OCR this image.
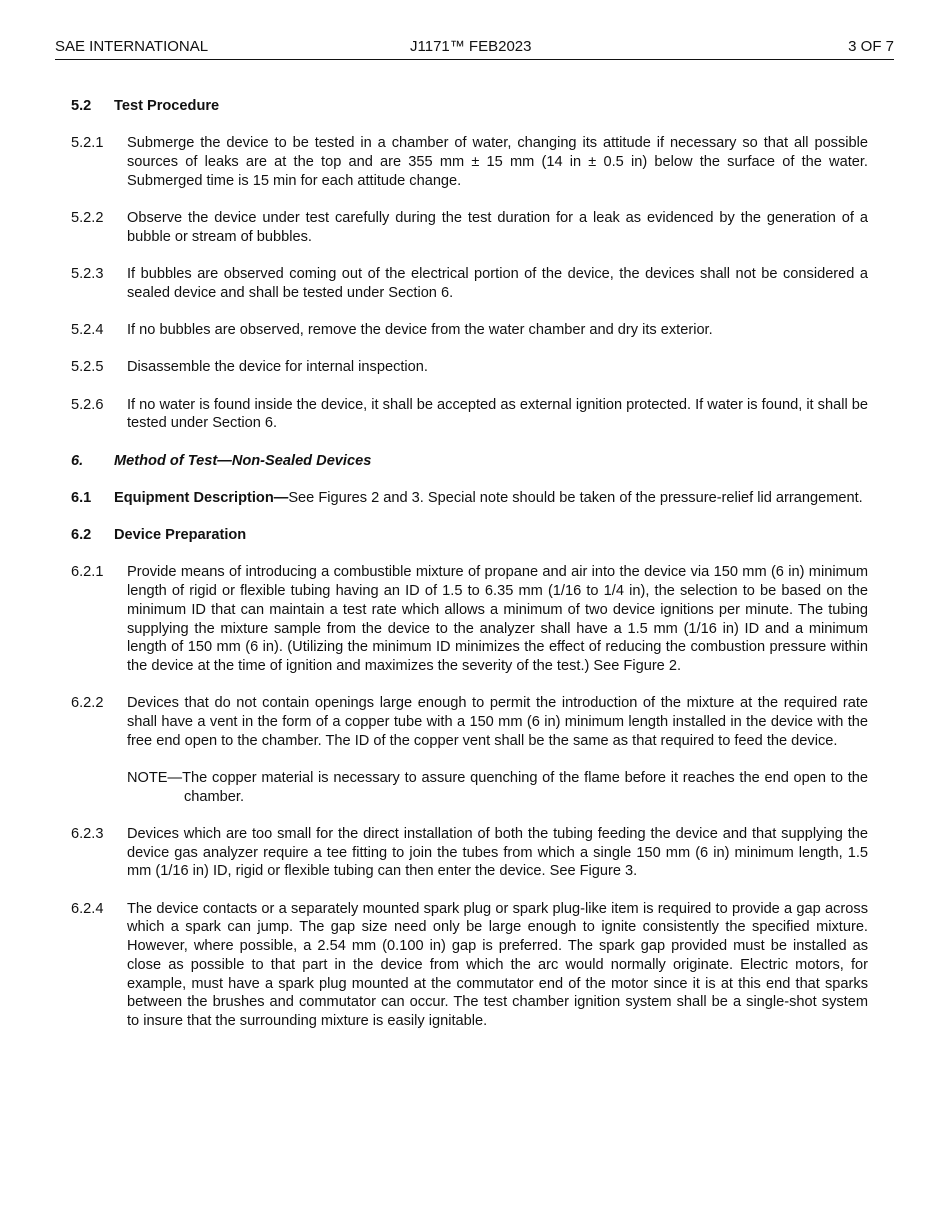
SAE INTERNATIONAL	J1171™ FEB2023	3 OF 7
5.2	Test Procedure
5.2.1	Submerge the device to be tested in a chamber of water, changing its attitude if necessary so that all possible sources of leaks are at the top and are 355 mm ± 15 mm (14 in ± 0.5 in) below the surface of the water. Submerged time is 15 min for each attitude change.
5.2.2	Observe the device under test carefully during the test duration for a leak as evidenced by the generation of a bubble or stream of bubbles.
5.2.3	If bubbles are observed coming out of the electrical portion of the device, the devices shall not be considered a sealed device and shall be tested under Section 6.
5.2.4	If no bubbles are observed, remove the device from the water chamber and dry its exterior.
5.2.5	Disassemble the device for internal inspection.
5.2.6	If no water is found inside the device, it shall be accepted as external ignition protected. If water is found, it shall be tested under Section 6.
6.	Method of Test—Non-Sealed Devices
6.1	Equipment Description—See Figures 2 and 3. Special note should be taken of the pressure-relief lid arrangement.
6.2	Device Preparation
6.2.1	Provide means of introducing a combustible mixture of propane and air into the device via 150 mm (6 in) minimum length of rigid or flexible tubing having an ID of 1.5 to 6.35 mm (1/16 to 1/4 in), the selection to be based on the minimum ID that can maintain a test rate which allows a minimum of two device ignitions per minute. The tubing supplying the mixture sample from the device to the analyzer shall have a 1.5 mm (1/16 in) ID and a minimum length of 150 mm (6 in). (Utilizing the minimum ID minimizes the effect of reducing the combustion pressure within the device at the time of ignition and maximizes the severity of the test.) See Figure 2.
6.2.2	Devices that do not contain openings large enough to permit the introduction of the mixture at the required rate shall have a vent in the form of a copper tube with a 150 mm (6 in) minimum length installed in the device with the free end open to the chamber. The ID of the copper vent shall be the same as that required to feed the device.
NOTE—The copper material is necessary to assure quenching of the flame before it reaches the end open to the chamber.
6.2.3	Devices which are too small for the direct installation of both the tubing feeding the device and that supplying the device gas analyzer require a tee fitting to join the tubes from which a single 150 mm (6 in) minimum length, 1.5 mm (1/16 in) ID, rigid or flexible tubing can then enter the device. See Figure 3.
6.2.4	The device contacts or a separately mounted spark plug or spark plug-like item is required to provide a gap across which a spark can jump. The gap size need only be large enough to ignite consistently the specified mixture. However, where possible, a 2.54 mm (0.100 in) gap is preferred. The spark gap provided must be installed as close as possible to that part in the device from which the arc would normally originate. Electric motors, for example, must have a spark plug mounted at the commutator end of the motor since it is at this end that sparks between the brushes and commutator can occur. The test chamber ignition system shall be a single-shot system to insure that the surrounding mixture is easily ignitable.
